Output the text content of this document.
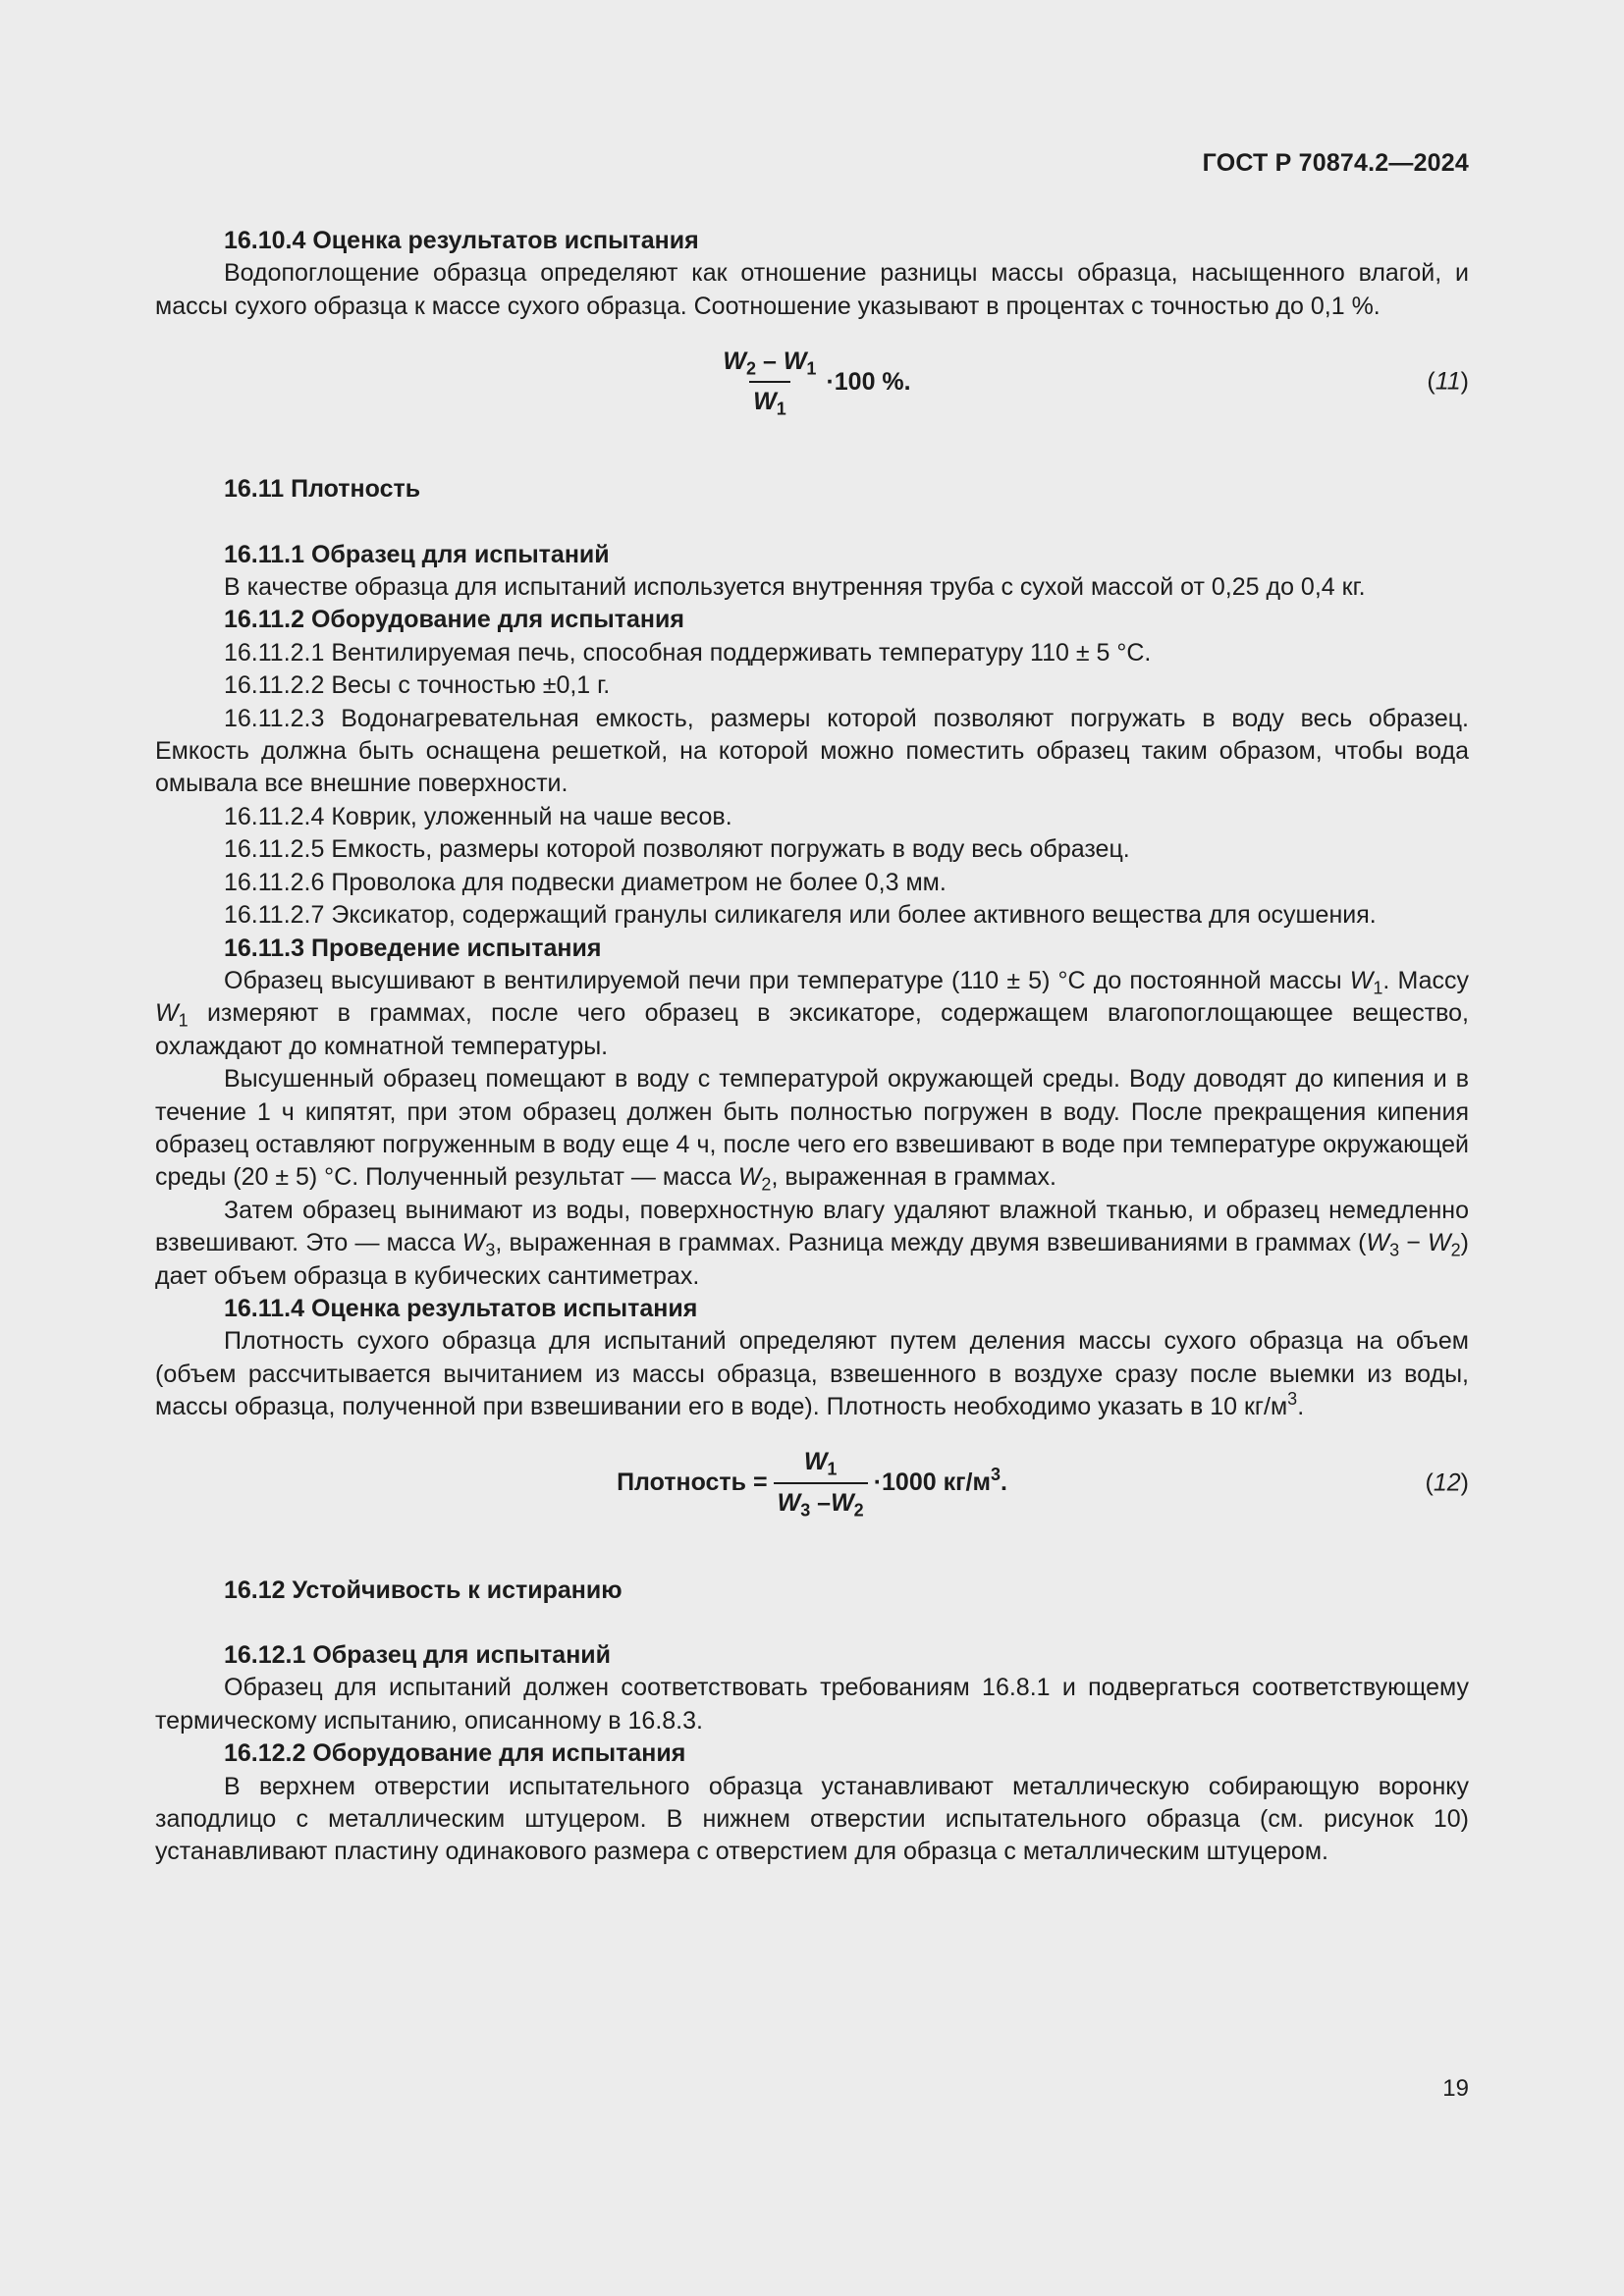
ГОСТ Р 70874.2—2024

16.10.4 Оценка результатов испытания

Водопоглощение образца определяют как отношение разницы массы образца, насыщенного влагой, и массы сухого образца к массе сухого образца. Соотношение указывают в процентах с точностью до 0,1 %.

$\frac{W_2 - W_1}{W_1} \cdot 100$ %.	(11)

16.11 Плотность

16.11.1 Образец для испытаний

В качестве образца для испытаний используется внутренняя труба с сухой массой от 0,25 до 0,4 кг.

16.11.2 Оборудование для испытания

16.11.2.1 Вентилируемая печь, способная поддерживать температуру 110 ± 5 °С.

16.11.2.2 Весы с точностью ±0,1 г.

16.11.2.3 Водонагревательная емкость, размеры которой позволяют погружать в воду весь образец. Емкость должна быть оснащена решеткой, на которой можно поместить образец таким образом, чтобы вода омывала все внешние поверхности.

16.11.2.4 Коврик, уложенный на чаше весов.

16.11.2.5 Емкость, размеры которой позволяют погружать в воду весь образец.

16.11.2.6 Проволока для подвески диаметром не более 0,3 мм.

16.11.2.7 Эксикатор, содержащий гранулы силикагеля или более активного вещества для осушения.

16.11.3 Проведение испытания

Образец высушивают в вентилируемой печи при температуре (110 ± 5) °С до постоянной массы $W_1$. Массу $W_1$ измеряют в граммах, после чего образец в эксикаторе, содержащем влагопоглощающее вещество, охлаждают до комнатной температуры.

Высушенный образец помещают в воду с температурой окружающей среды. Воду доводят до кипения и в течение 1 ч кипятят, при этом образец должен быть полностью погружен в воду. После прекращения кипения образец оставляют погруженным в воду еще 4 ч, после чего его взвешивают в воде при температуре окружающей среды (20 ± 5) °С. Полученный результат — масса $W_2$, выраженная в граммах.

Затем образец вынимают из воды, поверхностную влагу удаляют влажной тканью, и образец немедленно взвешивают. Это — масса $W_3$, выраженная в граммах. Разница между двумя взвешиваниями в граммах $(W_3 - W_2)$ дает объем образца в кубических сантиметрах.

16.11.4 Оценка результатов испытания

Плотность сухого образца для испытаний определяют путем деления массы сухого образца на объем (объем рассчитывается вычитанием из массы образца, взвешенного в воздухе сразу после выемки из воды, массы образца, полученной при взвешивании его в воде). Плотность необходимо указать в 10 $кг/м^3$.

Плотность = $\frac{W_1}{W_3 -W_2} \cdot 1000$ $кг/м^3$.	(12)

16.12 Устойчивость к истиранию

16.12.1 Образец для испытаний

Образец для испытаний должен соответствовать требованиям 16.8.1 и подвергаться соответствующему термическому испытанию, описанному в 16.8.3.

16.12.2 Оборудование для испытания

В верхнем отверстии испытательного образца устанавливают металлическую собирающую воронку заподлицо с металлическим штуцером. В нижнем отверстии испытательного образца (см. рисунок 10) устанавливают пластину одинакового размера с отверстием для образца с металлическим штуцером.

19
